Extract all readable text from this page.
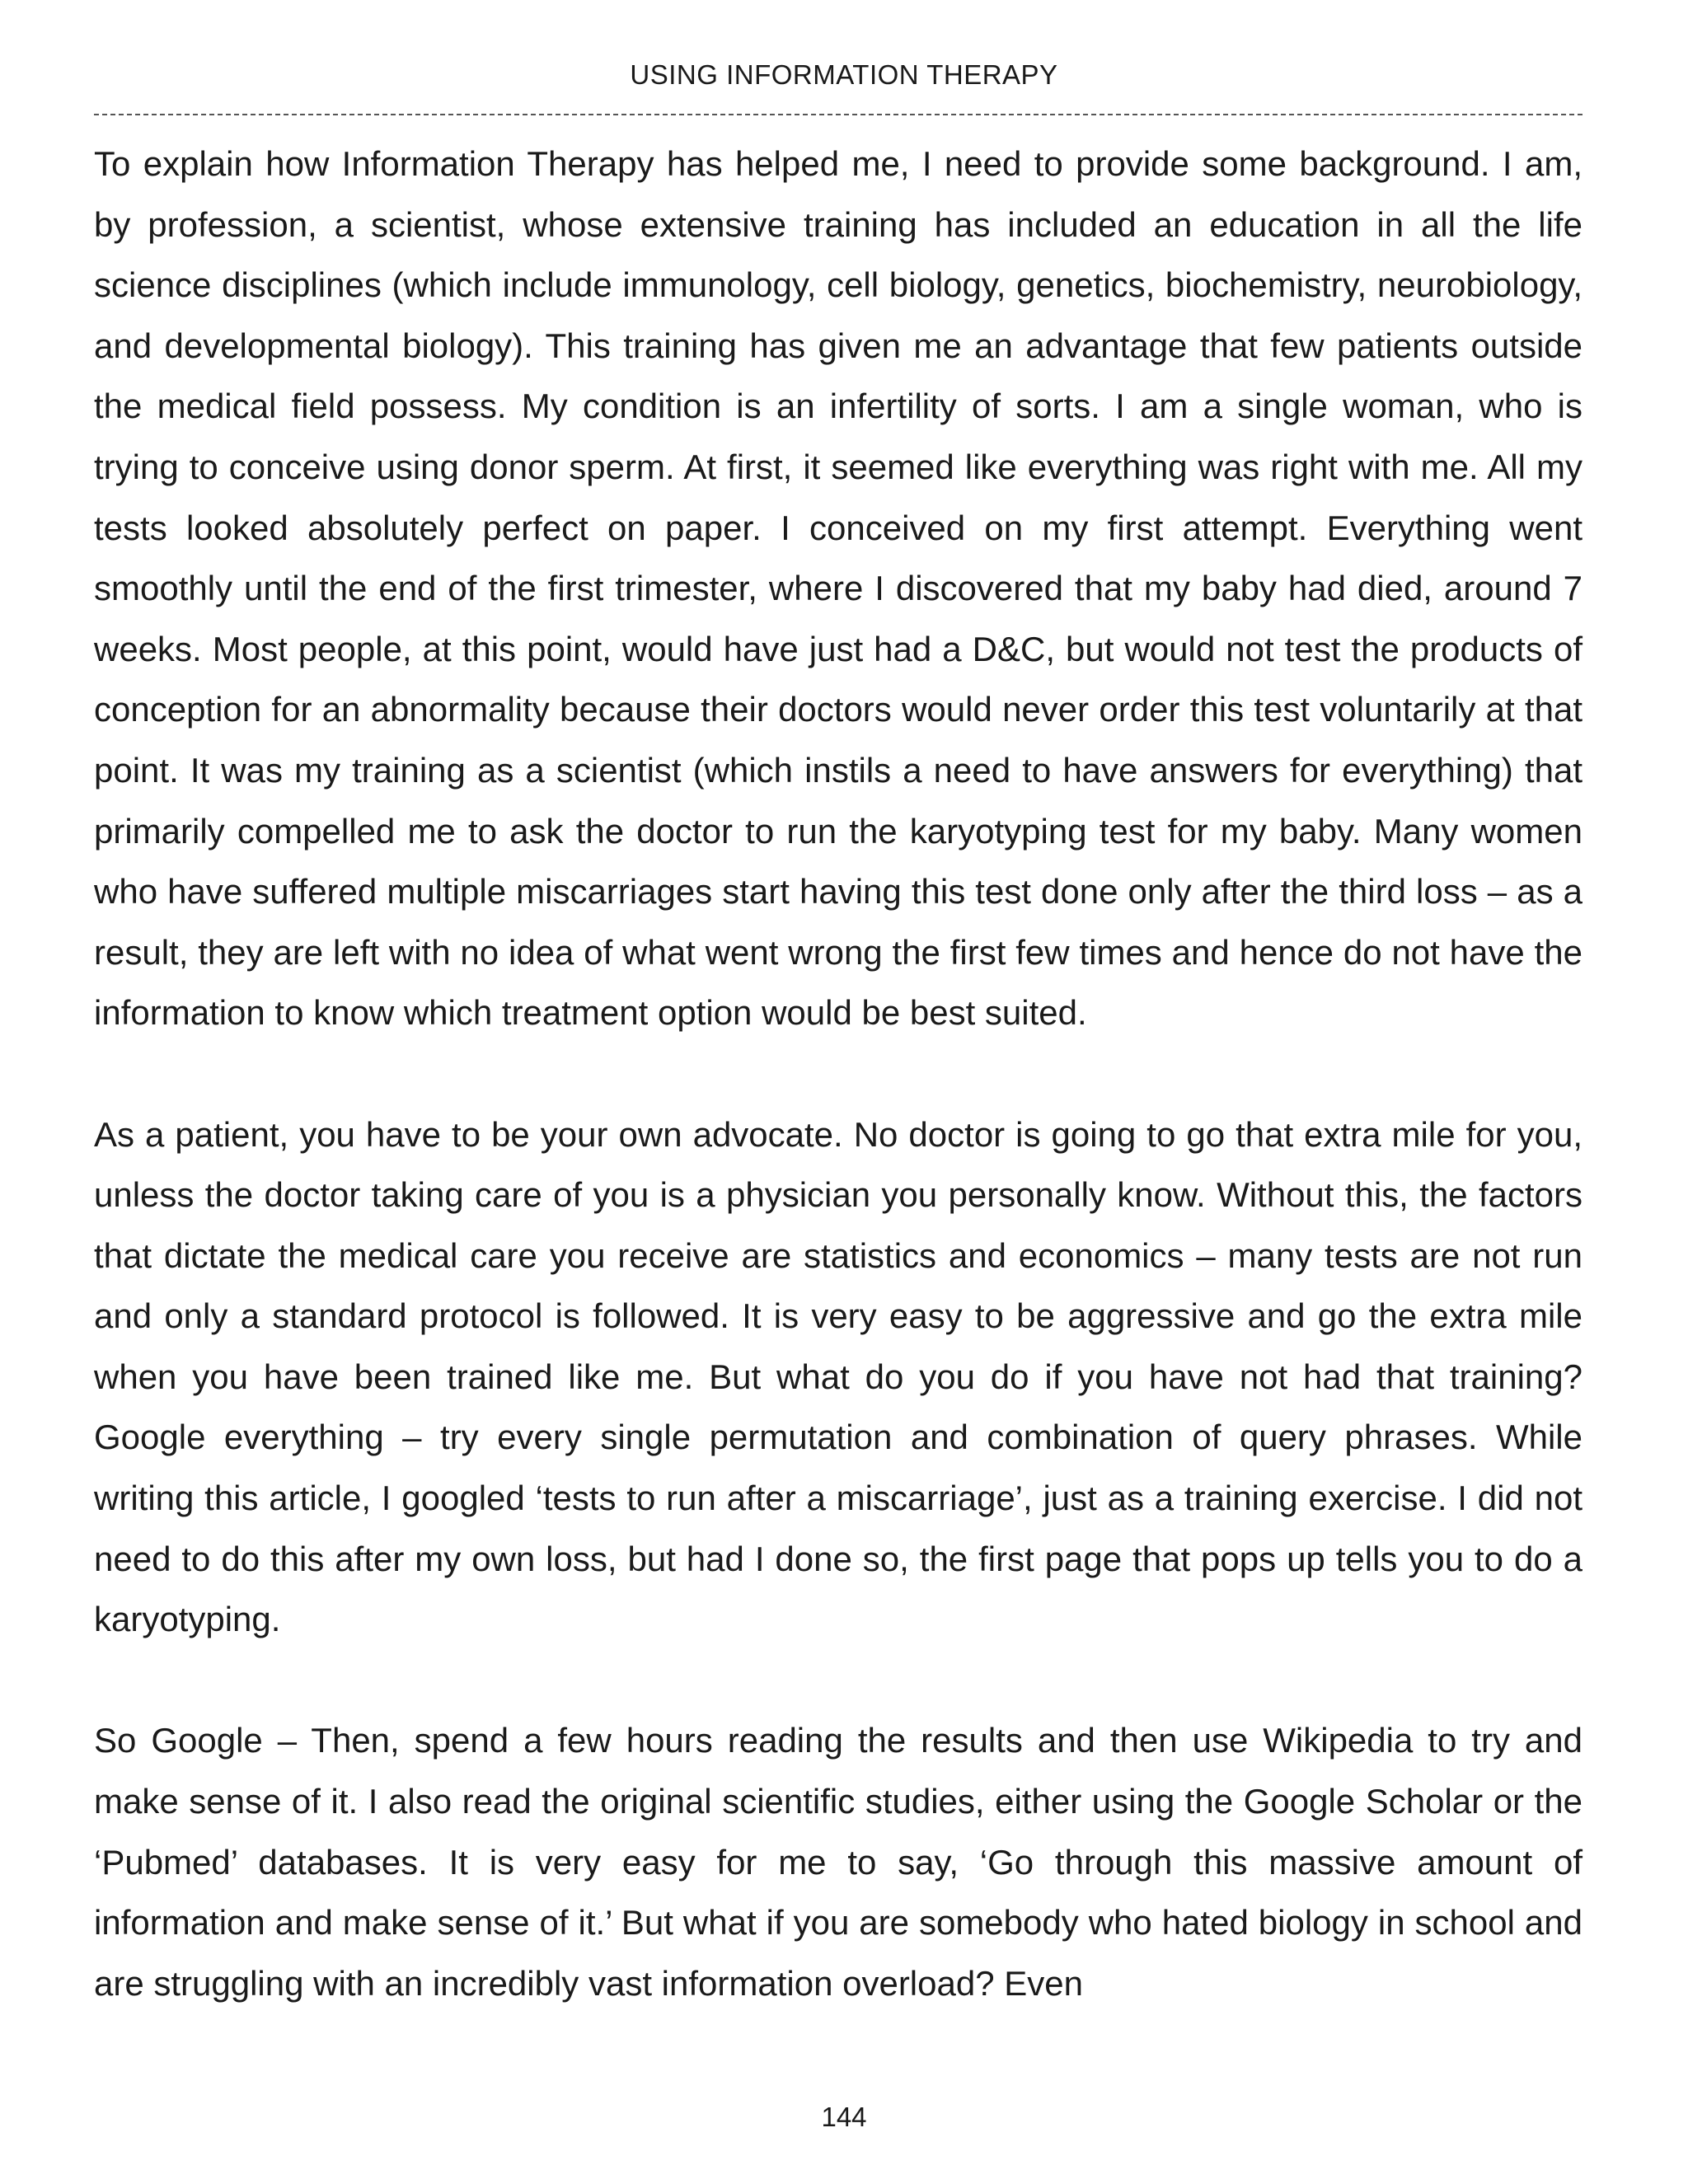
USING INFORMATION THERAPY

To explain how Information Therapy has helped me, I need to provide some background. I am, by profession, a scientist, whose extensive training has included an education in all the life science disciplines (which include immunology, cell biology, genetics, biochemistry, neurobiology, and developmental biology). This training has given me an advantage that few patients outside the medical field possess. My condition is an infertility of sorts. I am a single woman, who is trying to conceive using donor sperm. At first, it seemed like everything was right with me. All my tests looked absolutely perfect on paper. I conceived on my first attempt. Everything went smoothly until the end of the first trimester, where I discovered that my baby had died, around 7 weeks. Most people, at this point, would have just had a D&C, but would not test the products of conception for an abnormality because their doctors would never order this test voluntarily at that point. It was my training as a scientist (which instils a need to have answers for everything) that primarily compelled me to ask the doctor to run the karyotyping test for my baby. Many women who have suffered multiple miscarriages start having this test done only after the third loss – as a result, they are left with no idea of what went wrong the first few times and hence do not have the information to know which treatment option would be best suited.

As a patient, you have to be your own advocate. No doctor is going to go that extra mile for you, unless the doctor taking care of you is a physician you personally know. Without this, the factors that dictate the medical care you receive are statistics and economics – many tests are not run and only a standard protocol is followed. It is very easy to be aggressive and go the extra mile when you have been trained like me. But what do you do if you have not had that training? Google everything – try every single permutation and combination of query phrases. While writing this article, I googled ‘tests to run after a miscarriage’, just as a training exercise. I did not need to do this after my own loss, but had I done so, the first page that pops up tells you to do a karyotyping.

So Google – Then, spend a few hours reading the results and then use Wikipedia to try and make sense of it. I also read the original scientific studies, either using the Google Scholar or the ‘Pubmed’ databases. It is very easy for me to say, ‘Go through this massive amount of information and make sense of it.’ But what if you are somebody who hated biology in school and are struggling with an incredibly vast information overload? Even

144
